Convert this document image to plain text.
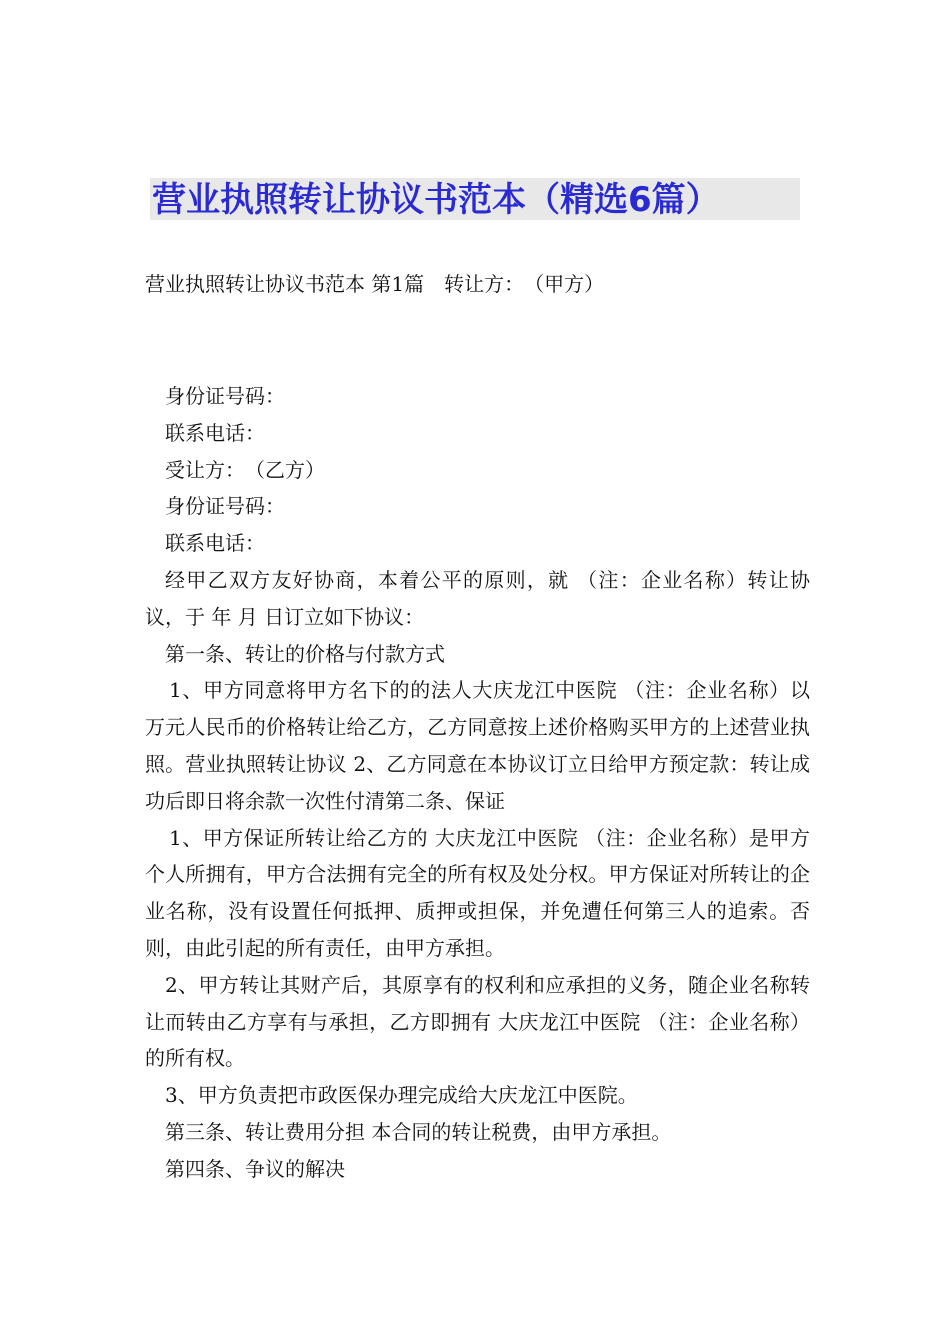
营业执照转让协议书范本（精选6篇）
营业执照转让协议书范本 第1篇　转让方：　（甲方）

身份证号码：

联系电话：

受让方：　（乙方）

身份证号码：

联系电话：

经甲乙双方友好协商，本着公平的原则，就 （注：企业名称）转让协议，于 年 月 日订立如下协议：

第一条、转让的价格与付款方式

1、甲方同意将甲方名下的的法人大庆龙江中医院 （注：企业名称）以 万元人民币的价格转让给乙方，乙方同意按上述价格购买甲方的上述营业执照。营业执照转让协议 2、乙方同意在本协议订立日给甲方预定款：转让成功后即日将余款一次性付清第二条、保证

1、甲方保证所转让给乙方的 大庆龙江中医院 （注：企业名称）是甲方个人所拥有，甲方合法拥有完全的所有权及处分权。甲方保证对所转让的企业名称，没有设置任何抵押、质押或担保，并免遭任何第三人的追索。否则，由此引起的所有责任，由甲方承担。

2、甲方转让其财产后，其原享有的权利和应承担的义务，随企业名称转让而转由乙方享有与承担，乙方即拥有 大庆龙江中医院 （注：企业名称）的所有权。

3、甲方负责把市政医保办理完成给大庆龙江中医院。

第三条、转让费用分担 本合同的转让税费，由甲方承担。

第四条、争议的解决
